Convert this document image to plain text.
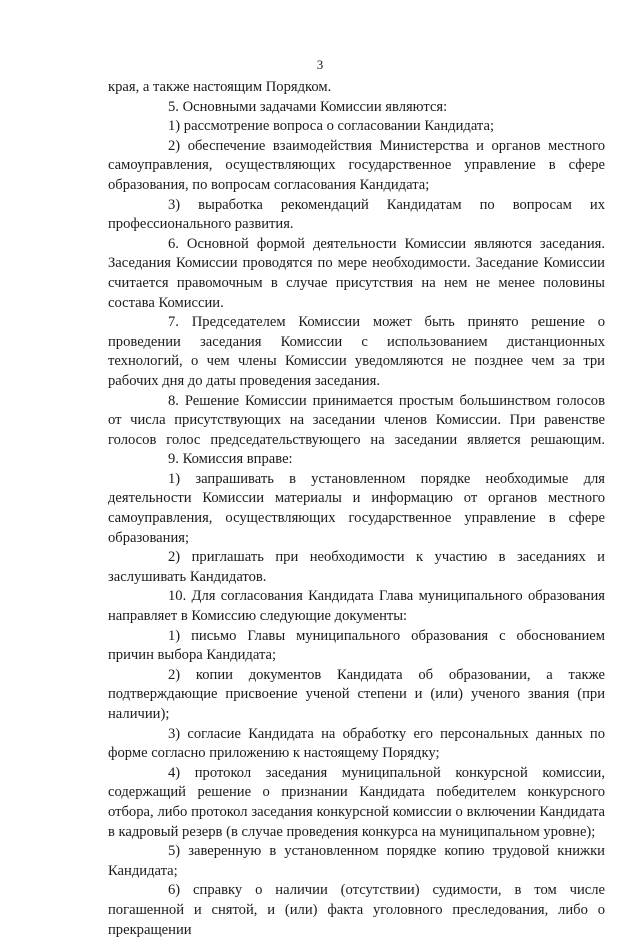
3

края, а также настоящим Порядком.

5. Основными задачами Комиссии являются:

1) рассмотрение вопроса о согласовании Кандидата;

2) обеспечение взаимодействия Министерства и органов местного самоуправления, осуществляющих государственное управление в сфере образования, по вопросам согласования Кандидата;

3) выработка рекомендаций Кандидатам по вопросам их профессионального развития.

6. Основной формой деятельности Комиссии являются заседания. Заседания Комиссии проводятся по мере необходимости. Заседание Комиссии считается правомочным в случае присутствия на нем не менее половины состава Комиссии.

7. Председателем Комиссии может быть принято решение о проведении заседания Комиссии с использованием дистанционных технологий, о чем члены Комиссии уведомляются не позднее чем за три рабочих дня до даты проведения заседания.

8. Решение Комиссии принимается простым большинством голосов от числа присутствующих на заседании членов Комиссии. При равенстве голосов голос председательствующего на заседании является решающим.

9. Комиссия вправе:

1) запрашивать в установленном порядке необходимые для деятельности Комиссии материалы и информацию от органов местного самоуправления, осуществляющих государственное управление в сфере образования;

2) приглашать при необходимости к участию в заседаниях и заслушивать Кандидатов.

10. Для согласования Кандидата Глава муниципального образования направляет в Комиссию следующие документы:

1) письмо Главы муниципального образования с обоснованием причин выбора Кандидата;

2) копии документов Кандидата об образовании, а также подтверждающие присвоение ученой степени и (или) ученого звания (при наличии);

3) согласие Кандидата на обработку его персональных данных по форме согласно приложению к настоящему Порядку;

4) протокол заседания муниципальной конкурсной комиссии, содержащий решение о признании Кандидата победителем конкурсного отбора, либо протокол заседания конкурсной комиссии о включении Кандидата в кадровый резерв (в случае проведения конкурса на муниципальном уровне);

5) заверенную в установленном порядке копию трудовой книжки Кандидата;

6) справку о наличии (отсутствии) судимости, в том числе погашенной и снятой, и (или) факта уголовного преследования, либо о прекращении
